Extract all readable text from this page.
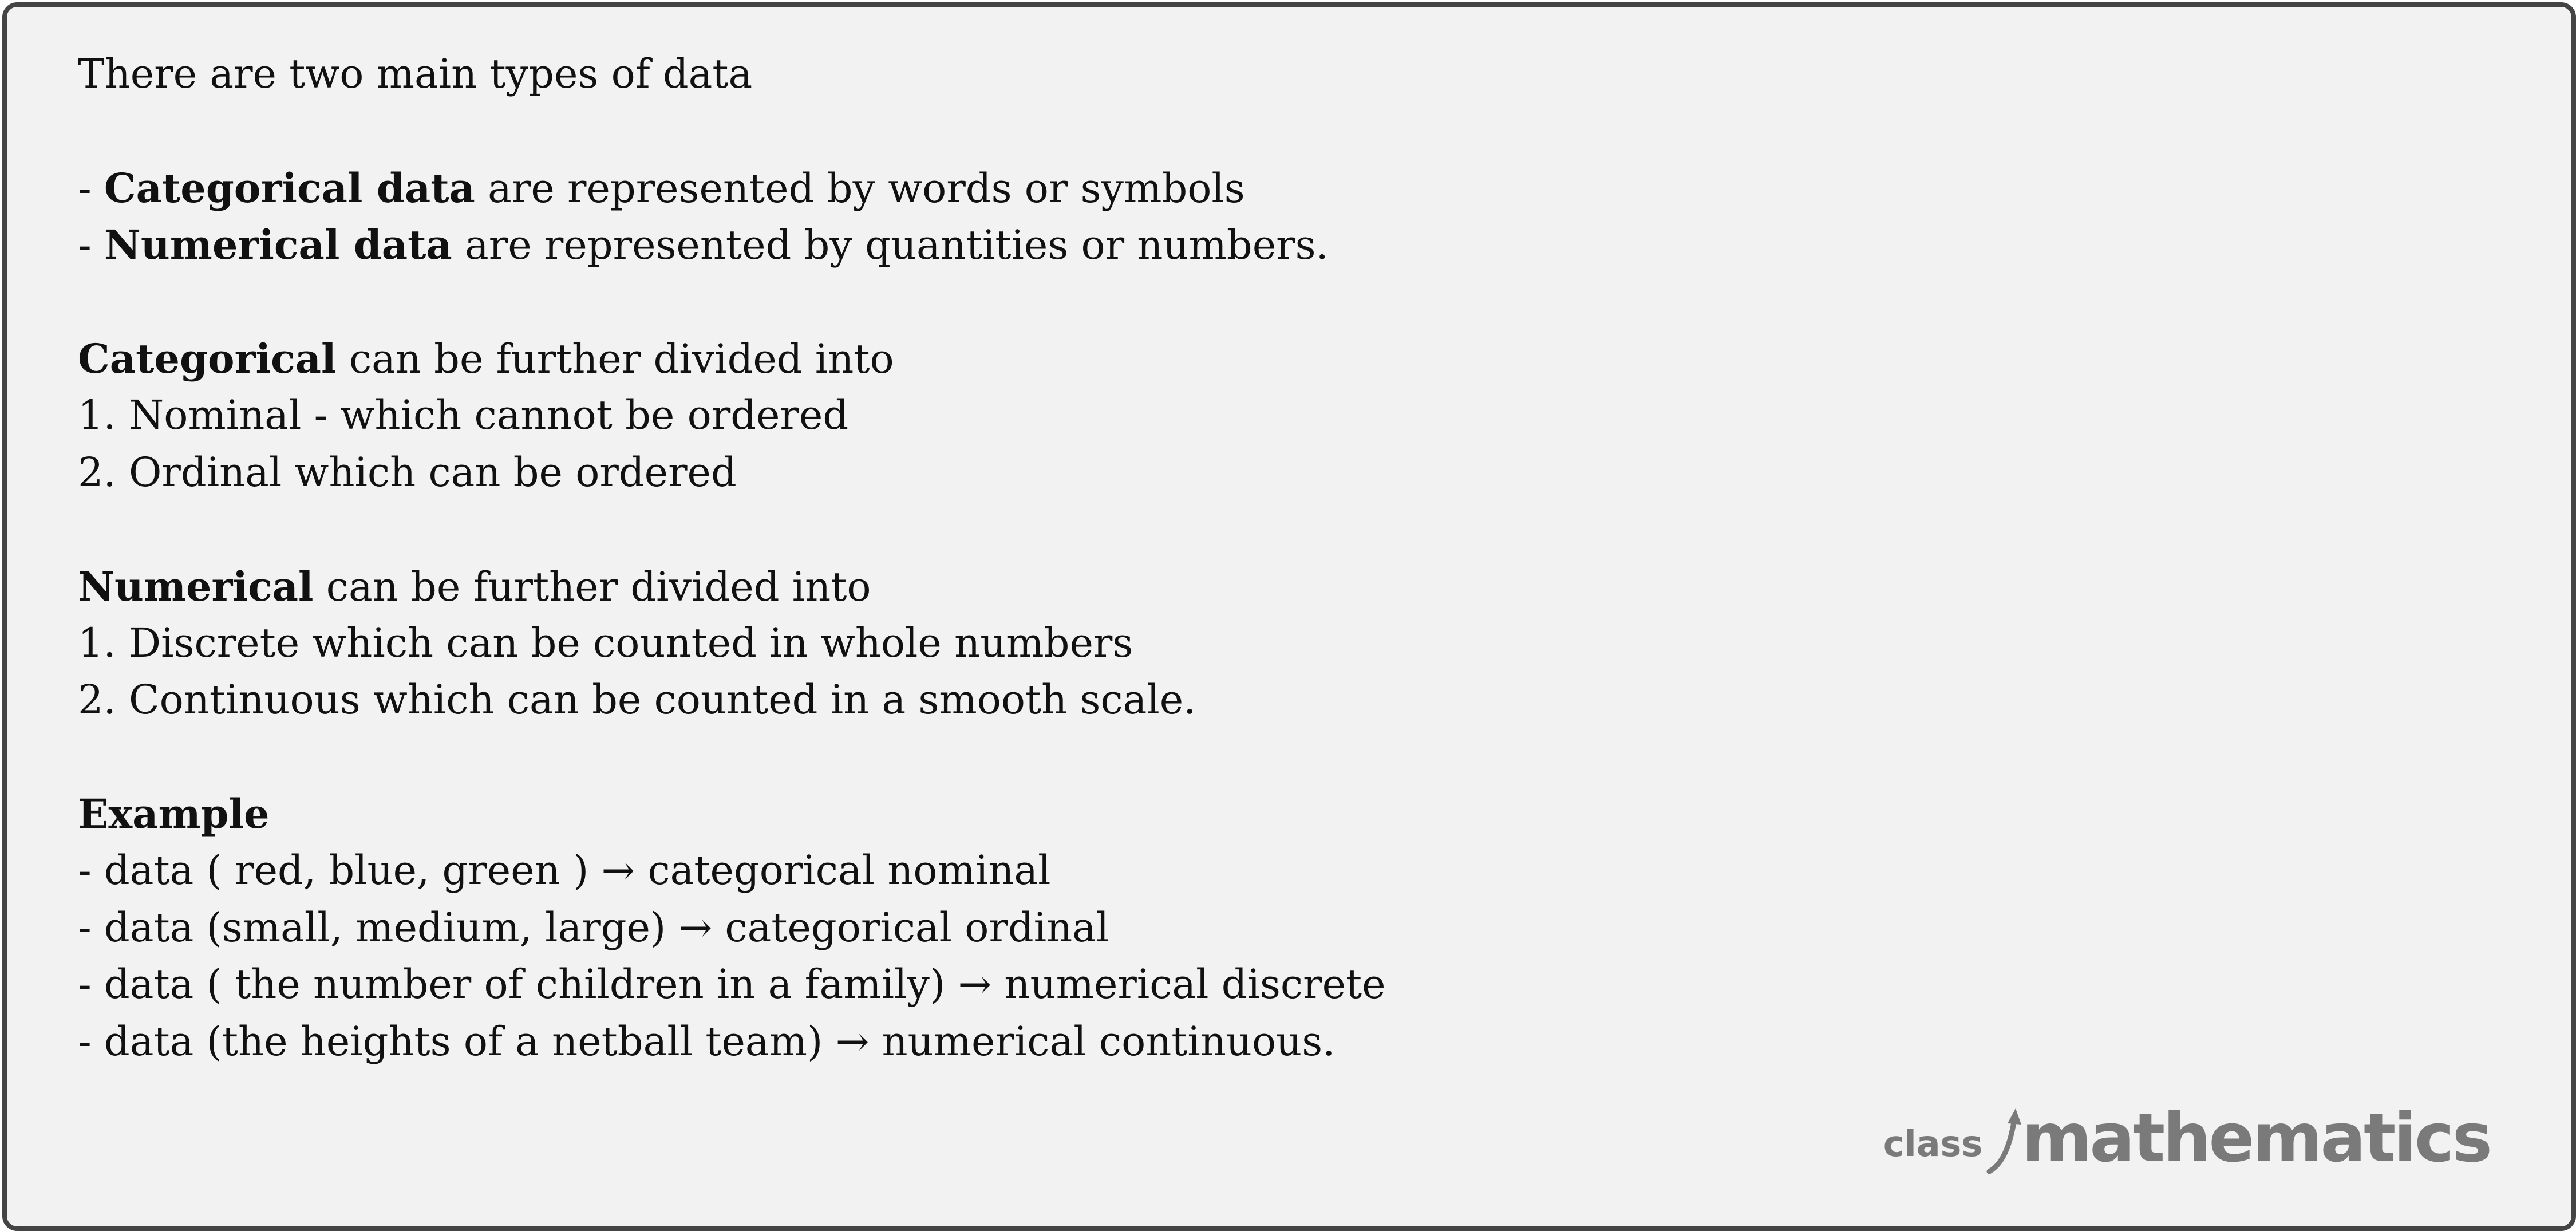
There are two main types of data
- Categorical data are represented by words or symbols
- Numerical data are represented by quantities or numbers.
Categorical can be further divided into
1. Nominal - which cannot be ordered
2. Ordinal which can be ordered
Numerical can be further divided into
1. Discrete which can be counted in whole numbers
2. Continuous which can be counted in a smooth scale.
Example
- data ( red, blue, green ) → categorical nominal
- data (small, medium, large) → categorical ordinal
- data ( the number of children in a family) → numerical discrete
- data (the heights of a netball team) → numerical continuous.
class mathematics
